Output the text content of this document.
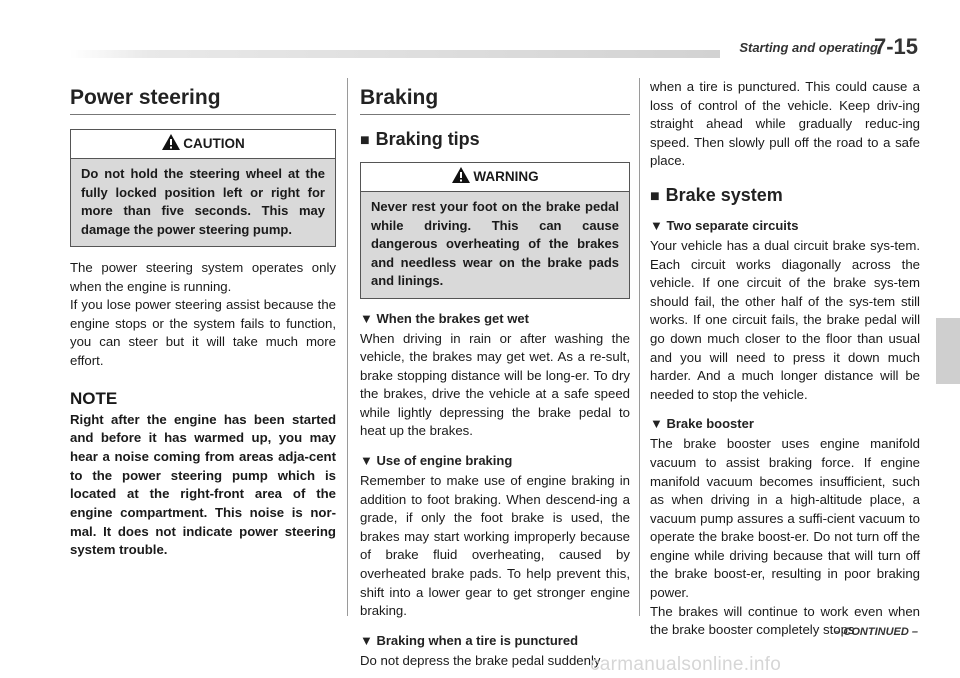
Starting and operating
7-15
Power steering
CAUTION
Do not hold the steering wheel at the fully locked position left or right for more than five seconds. This may damage the power steering pump.

The power steering system operates only when the engine is running.

If you lose power steering assist because the engine stops or the system fails to function, you can steer but it will take much more effort.

NOTE
Right after the engine has been started and before it has warmed up, you may hear a noise coming from areas adja-cent to the power steering pump which is located at the right-front area of the engine compartment. This noise is nor-mal. It does not indicate power steering system trouble.
Braking
■ Braking tips
WARNING
Never rest your foot on the brake pedal while driving. This can cause dangerous overheating of the brakes and needless wear on the brake pads and linings.
▼ When the brakes get wet

When driving in rain or after washing the vehicle, the brakes may get wet. As a re-sult, brake stopping distance will be long-er. To dry the brakes, drive the vehicle at a safe speed while lightly depressing the brake pedal to heat up the brakes.

▼ Use of engine braking

Remember to make use of engine braking in addition to foot braking. When descend-ing a grade, if only the foot brake is used, the brakes may start working improperly because of brake fluid overheating, caused by overheated brake pads. To help prevent this, shift into a lower gear to get stronger engine braking.

▼ Braking when a tire is punctured

Do not depress the brake pedal suddenly

when a tire is punctured. This could cause a loss of control of the vehicle. Keep driv-ing straight ahead while gradually reduc-ing speed. Then slowly pull off the road to a safe place.

■ Brake system
▼ Two separate circuits

Your vehicle has a dual circuit brake sys-tem. Each circuit works diagonally across the vehicle. If one circuit of the brake sys-tem should fail, the other half of the sys-tem still works. If one circuit fails, the brake pedal will go down much closer to the floor than usual and you will need to press it down much harder. And a much longer distance will be needed to stop the vehicle.

▼ Brake booster

The brake booster uses engine manifold vacuum to assist braking force. If engine manifold vacuum becomes insufficient, such as when driving in a high-altitude place, a vacuum pump assures a suffi-cient vacuum to operate the brake boost-er. Do not turn off the engine while driving because that will turn off the brake boost-er, resulting in poor braking power.

The brakes will continue to work even when the brake booster completely stops

– CONTINUED –
carmanualsonline.info
